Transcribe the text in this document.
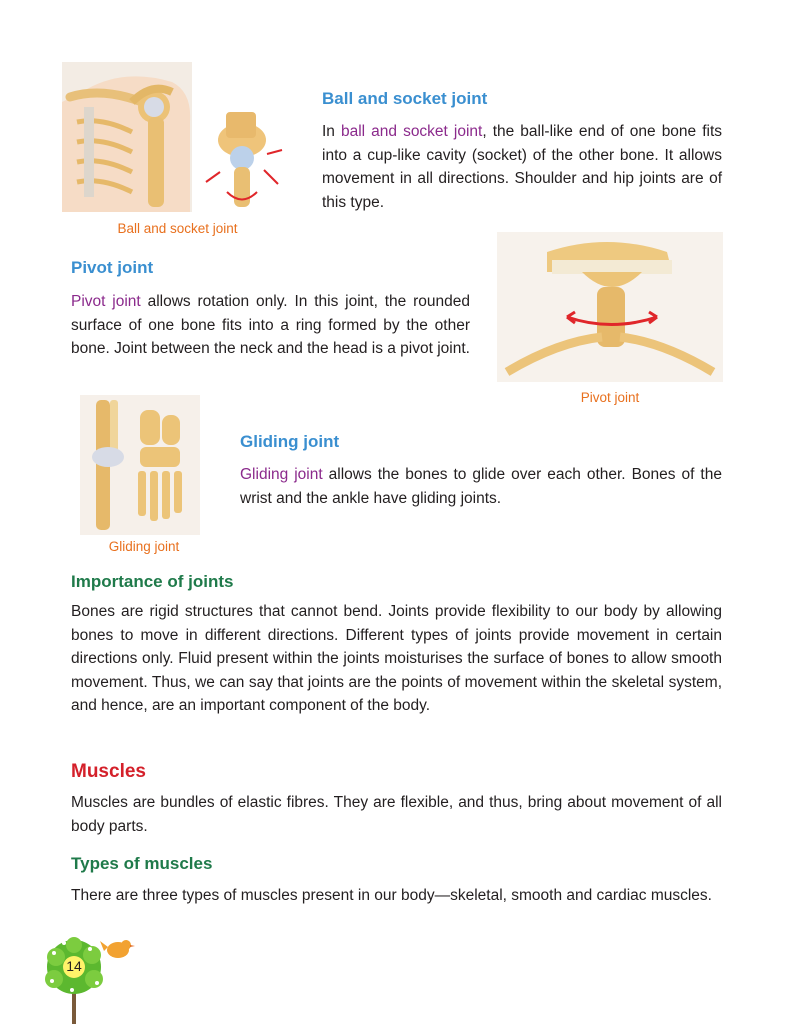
Ball and socket joint
Ball and socket joint
In ball and socket joint, the ball-like end of one bone fits into a cup-like cavity (socket) of the other bone. It allows movement in all directions. Shoulder and hip joints are of this type.
Pivot joint
Pivot joint allows rotation only. In this joint, the rounded surface of one bone fits into a ring formed by the other bone. Joint between the neck and the head is a pivot joint.
Pivot joint
Gliding joint
Gliding joint
Gliding joint allows the bones to glide over each other. Bones of the wrist and the ankle have gliding joints.
Importance of joints
Bones are rigid structures that cannot bend. Joints provide flexibility to our body by allowing bones to move in different directions. Different types of joints provide movement in certain directions only. Fluid present within the joints moisturises the surface of bones to allow smooth movement. Thus, we can say that joints are the points of movement within the skeletal system, and hence, are an important component of the body.
Muscles
Muscles are bundles of elastic fibres. They are flexible, and thus, bring about movement of all body parts.
Types of muscles
There are three types of muscles present in our body—skeletal, smooth and cardiac muscles.
14
